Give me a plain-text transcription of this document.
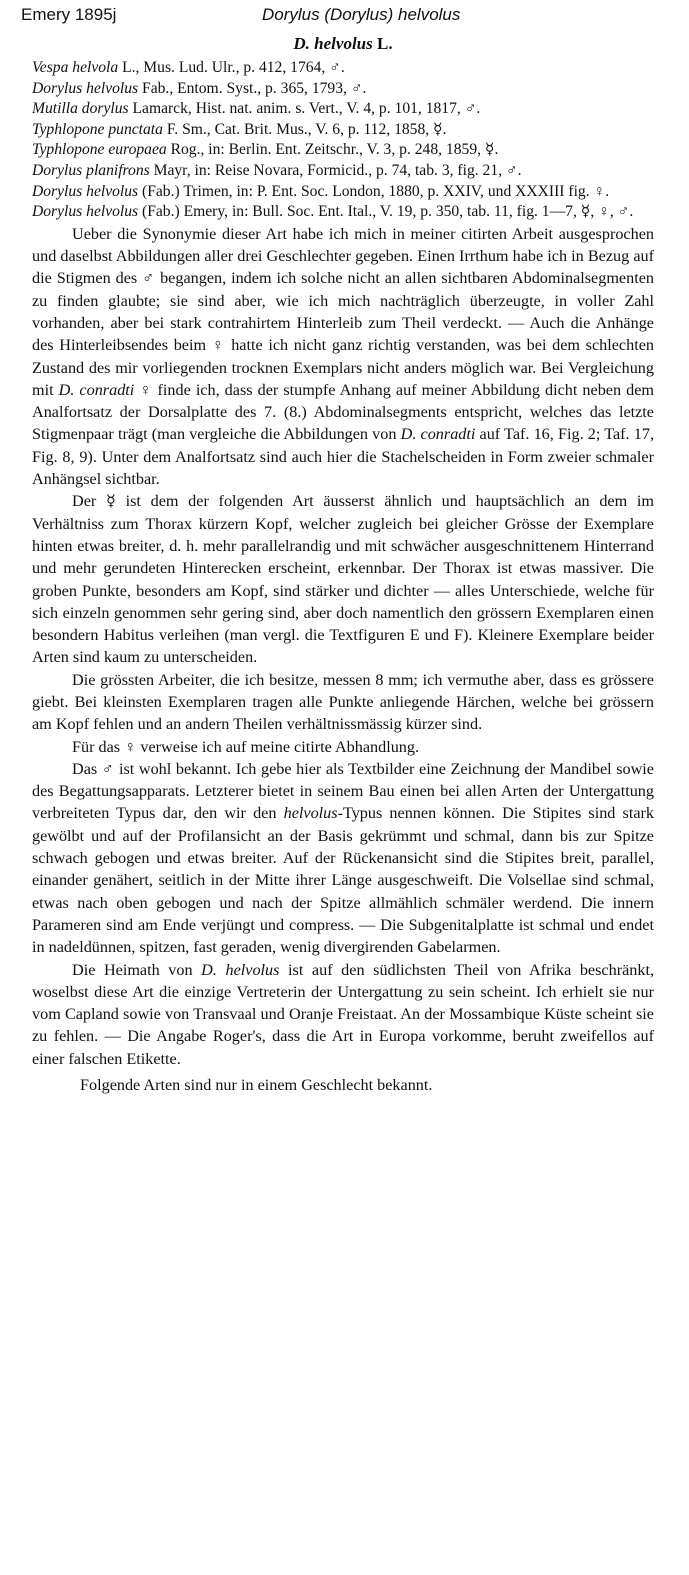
Emery 1895j	Dorylus (Dorylus) helvolus
D. helvolus L.

Vespa helvola L., Mus. Lud. Ulr., p. 412, 1764, ♂.

Dorylus helvolus Fab., Entom. Syst., p. 365, 1793, ♂.

Mutilla dorylus Lamarck, Hist. nat. anim. s. Vert., V. 4, p. 101, 1817, ♂.

Typhlopone punctata F. Sm., Cat. Brit. Mus., V. 6, p. 112, 1858, ☿.

Typhlopone europaea Rog., in: Berlin. Ent. Zeitschr., V. 3, p. 248, 1859, ☿.

Dorylus planifrons Mayr, in: Reise Novara, Formicid., p. 74, tab. 3, fig. 21, ♂.

Dorylus helvolus (Fab.) Trimen, in: P. Ent. Soc. London, 1880, p. XXIV, und XXXIII fig. ♀.

Dorylus helvolus (Fab.) Emery, in: Bull. Soc. Ent. Ital., V. 19, p. 350, tab. 11, fig. 1—7, ☿, ♀, ♂.

Ueber die Synonymie dieser Art habe ich mich in meiner citirten Arbeit ausgesprochen und daselbst Abbildungen aller drei Geschlechter gegeben. Einen Irrthum habe ich in Bezug auf die Stigmen des ♂ begangen, indem ich solche nicht an allen sichtbaren Abdominalsegmenten zu finden glaubte; sie sind aber, wie ich mich nachträglich überzeugte, in voller Zahl vorhanden, aber bei stark contrahirtem Hinterleib zum Theil verdeckt. — Auch die Anhänge des Hinterleibsendes beim ♀ hatte ich nicht ganz richtig verstanden, was bei dem schlechten Zustand des mir vorliegenden trocknen Exemplars nicht anders möglich war. Bei Vergleichung mit D. conradti ♀ finde ich, dass der stumpfe Anhang auf meiner Abbildung dicht neben dem Analfortsatz der Dorsalplatte des 7. (8.) Abdominalsegments entspricht, welches das letzte Stigmenpaar trägt (man vergleiche die Abbildungen von D. conradti auf Taf. 16, Fig. 2; Taf. 17, Fig. 8, 9). Unter dem Analfortsatz sind auch hier die Stachelscheiden in Form zweier schmaler Anhängsel sichtbar.

Der ☿ ist dem der folgenden Art äusserst ähnlich und hauptsächlich an dem im Verhältniss zum Thorax kürzern Kopf, welcher zugleich bei gleicher Grösse der Exemplare hinten etwas breiter, d. h. mehr parallelrandig und mit schwächer ausgeschnittenem Hinterrand und mehr gerundeten Hinterecken erscheint, erkennbar. Der Thorax ist etwas massiver. Die groben Punkte, besonders am Kopf, sind stärker und dichter — alles Unterschiede, welche für sich einzeln genommen sehr gering sind, aber doch namentlich den grössern Exemplaren einen besondern Habitus verleihen (man vergl. die Textfiguren E und F). Kleinere Exemplare beider Arten sind kaum zu unterscheiden.

Die grössten Arbeiter, die ich besitze, messen 8 mm; ich vermuthe aber, dass es grössere giebt. Bei kleinsten Exemplaren tragen alle Punkte anliegende Härchen, welche bei grössern am Kopf fehlen und an andern Theilen verhältnissmässig kürzer sind.

Für das ♀ verweise ich auf meine citirte Abhandlung.

Das ♂ ist wohl bekannt. Ich gebe hier als Textbilder eine Zeichnung der Mandibel sowie des Begattungsapparats. Letzterer bietet in seinem Bau einen bei allen Arten der Untergattung verbreiteten Typus dar, den wir den helvolus-Typus nennen können. Die Stipites sind stark gewölbt und auf der Profilansicht an der Basis gekrümmt und schmal, dann bis zur Spitze schwach gebogen und etwas breiter. Auf der Rückenansicht sind die Stipites breit, parallel, einander genähert, seitlich in der Mitte ihrer Länge ausgeschweift. Die Volsellae sind schmal, etwas nach oben gebogen und nach der Spitze allmählich schmäler werdend. Die innern Parameren sind am Ende verjüngt und compress. — Die Subgenitalplatte ist schmal und endet in nadeldünnen, spitzen, fast geraden, wenig divergirenden Gabelarmen.

Die Heimath von D. helvolus ist auf den südlichsten Theil von Afrika beschränkt, woselbst diese Art die einzige Vertreterin der Untergattung zu sein scheint. Ich erhielt sie nur vom Capland sowie von Transvaal und Oranje Freistaat. An der Mossambique Küste scheint sie zu fehlen. — Die Angabe Roger's, dass die Art in Europa vorkomme, beruht zweifellos auf einer falschen Etikette.

Folgende Arten sind nur in einem Geschlecht bekannt.
